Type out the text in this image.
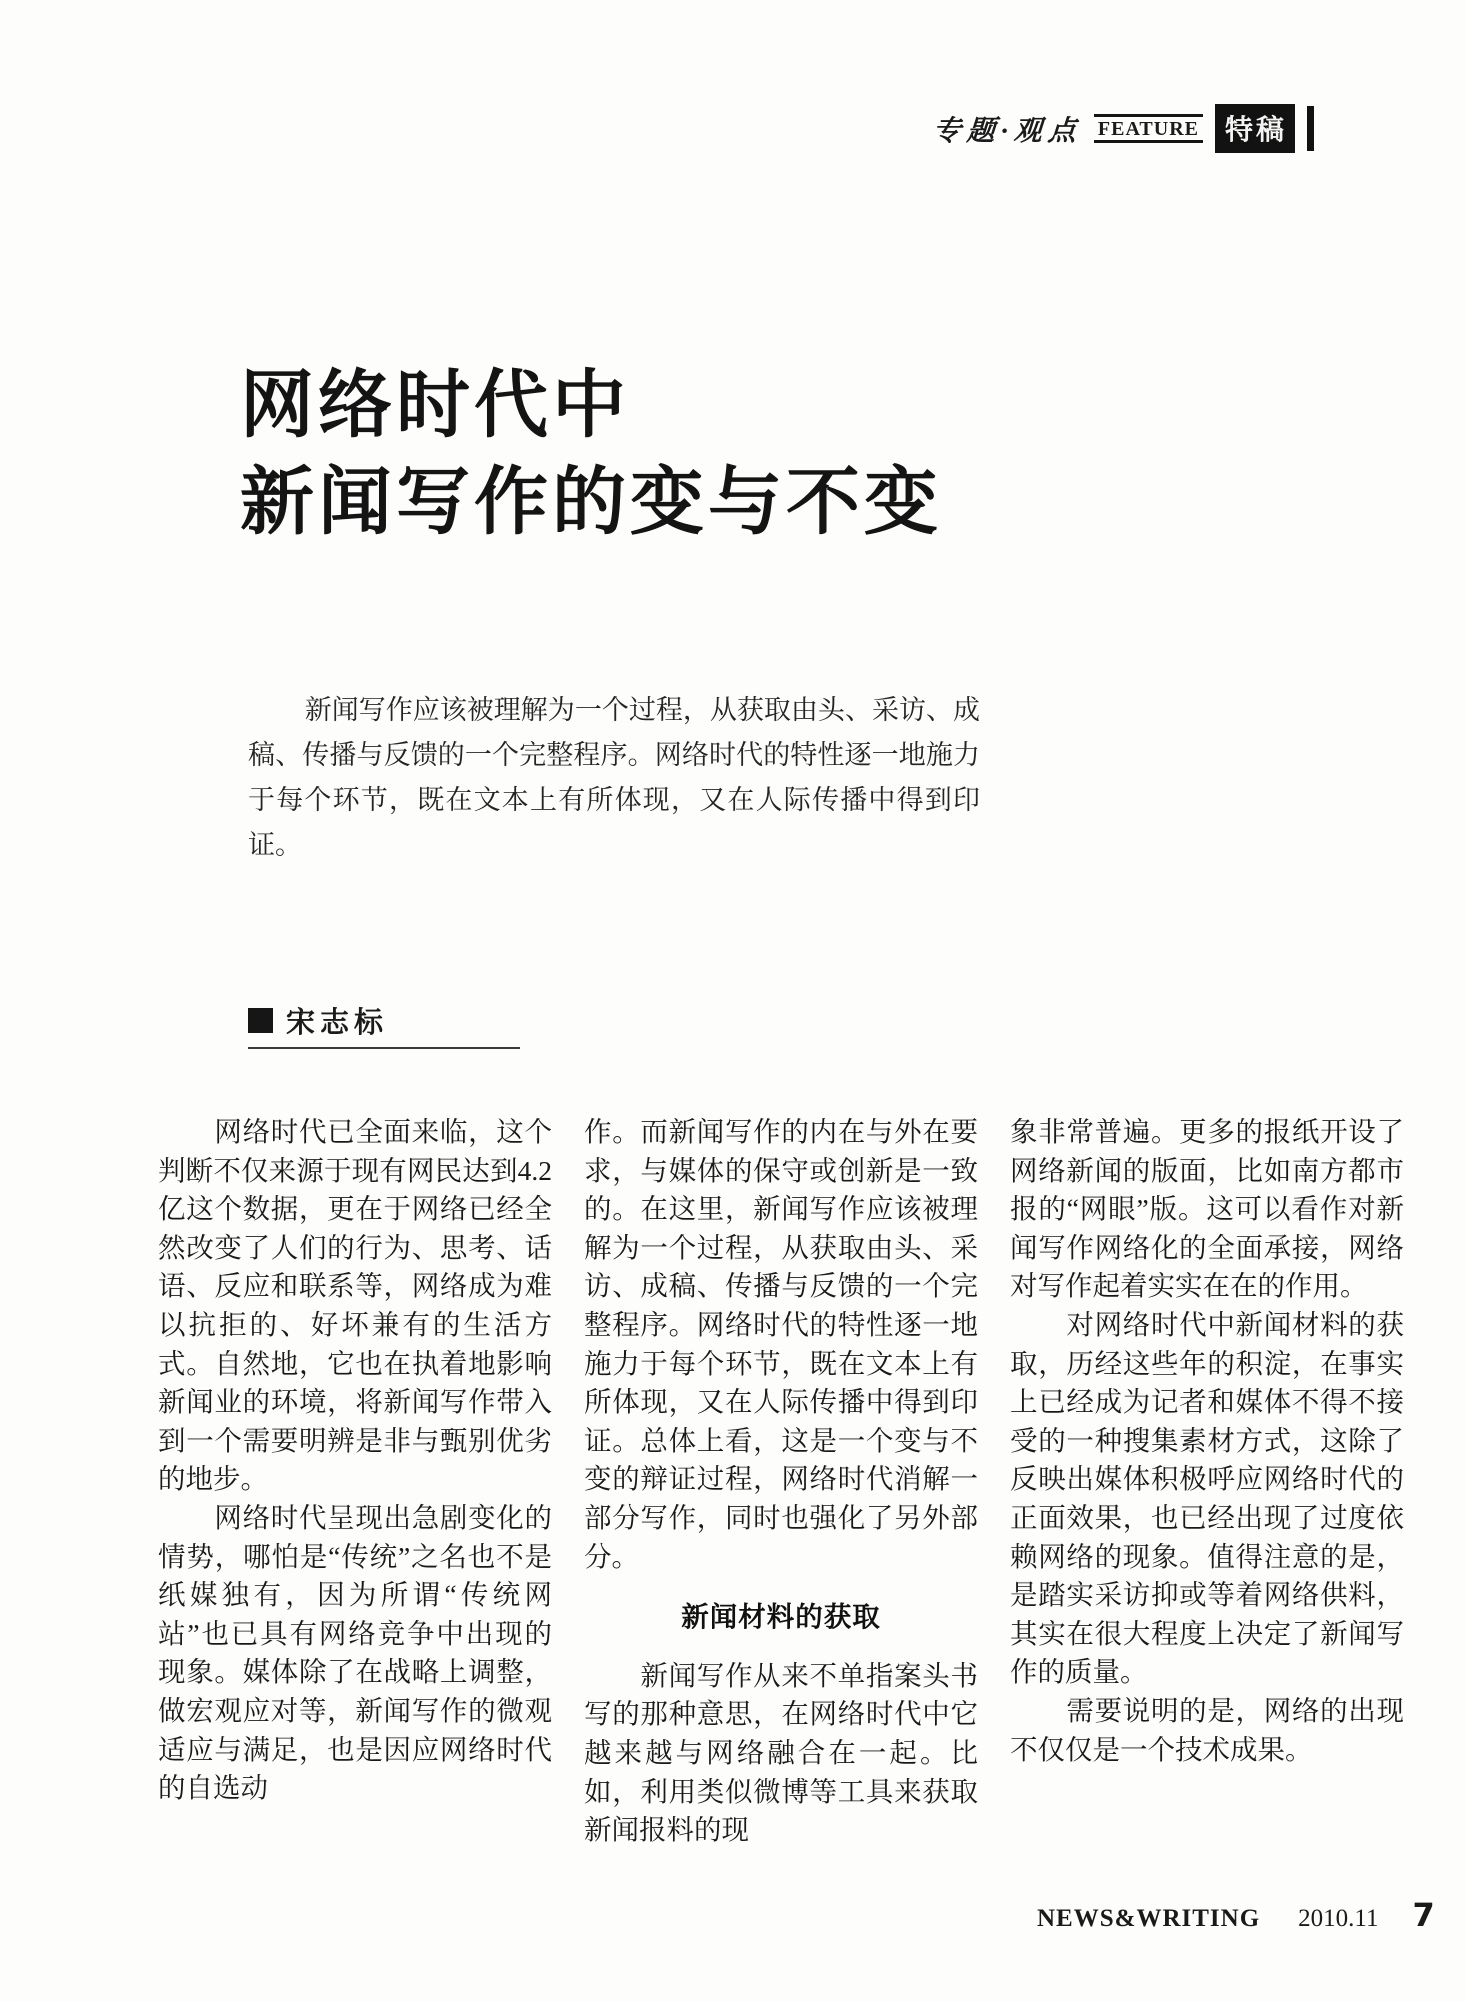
专题·观点 FEATURE 特稿
网络时代中
新闻写作的变与不变

新闻写作应该被理解为一个过程，从获取由头、采访、成稿、传播与反馈的一个完整程序。网络时代的特性逐一地施力于每个环节，既在文本上有所体现，又在人际传播中得到印证。

宋志标

网络时代已全面来临，这个判断不仅来源于现有网民达到4.2亿这个数据，更在于网络已经全然改变了人们的行为、思考、话语、反应和联系等，网络成为难以抗拒的、好坏兼有的生活方式。自然地，它也在执着地影响新闻业的环境，将新闻写作带入到一个需要明辨是非与甄别优劣的地步。

网络时代呈现出急剧变化的情势，哪怕是“传统”之名也不是纸媒独有，因为所谓“传统网站”也已具有网络竞争中出现的现象。媒体除了在战略上调整，做宏观应对等，新闻写作的微观适应与满足，也是因应网络时代的自选动

作。而新闻写作的内在与外在要求，与媒体的保守或创新是一致的。在这里，新闻写作应该被理解为一个过程，从获取由头、采访、成稿、传播与反馈的一个完整程序。网络时代的特性逐一地施力于每个环节，既在文本上有所体现，又在人际传播中得到印证。总体上看，这是一个变与不变的辩证过程，网络时代消解一部分写作，同时也强化了另外部分。

新闻材料的获取

新闻写作从来不单指案头书写的那种意思，在网络时代中它越来越与网络融合在一起。比如，利用类似微博等工具来获取新闻报料的现

象非常普遍。更多的报纸开设了网络新闻的版面，比如南方都市报的“网眼”版。这可以看作对新闻写作网络化的全面承接，网络对写作起着实实在在的作用。

对网络时代中新闻材料的获取，历经这些年的积淀，在事实上已经成为记者和媒体不得不接受的一种搜集素材方式，这除了反映出媒体积极呼应网络时代的正面效果，也已经出现了过度依赖网络的现象。值得注意的是，是踏实采访抑或等着网络供料，其实在很大程度上决定了新闻写作的质量。

需要说明的是，网络的出现不仅仅是一个技术成果。

NEWS&WRITING 2010.11 7
